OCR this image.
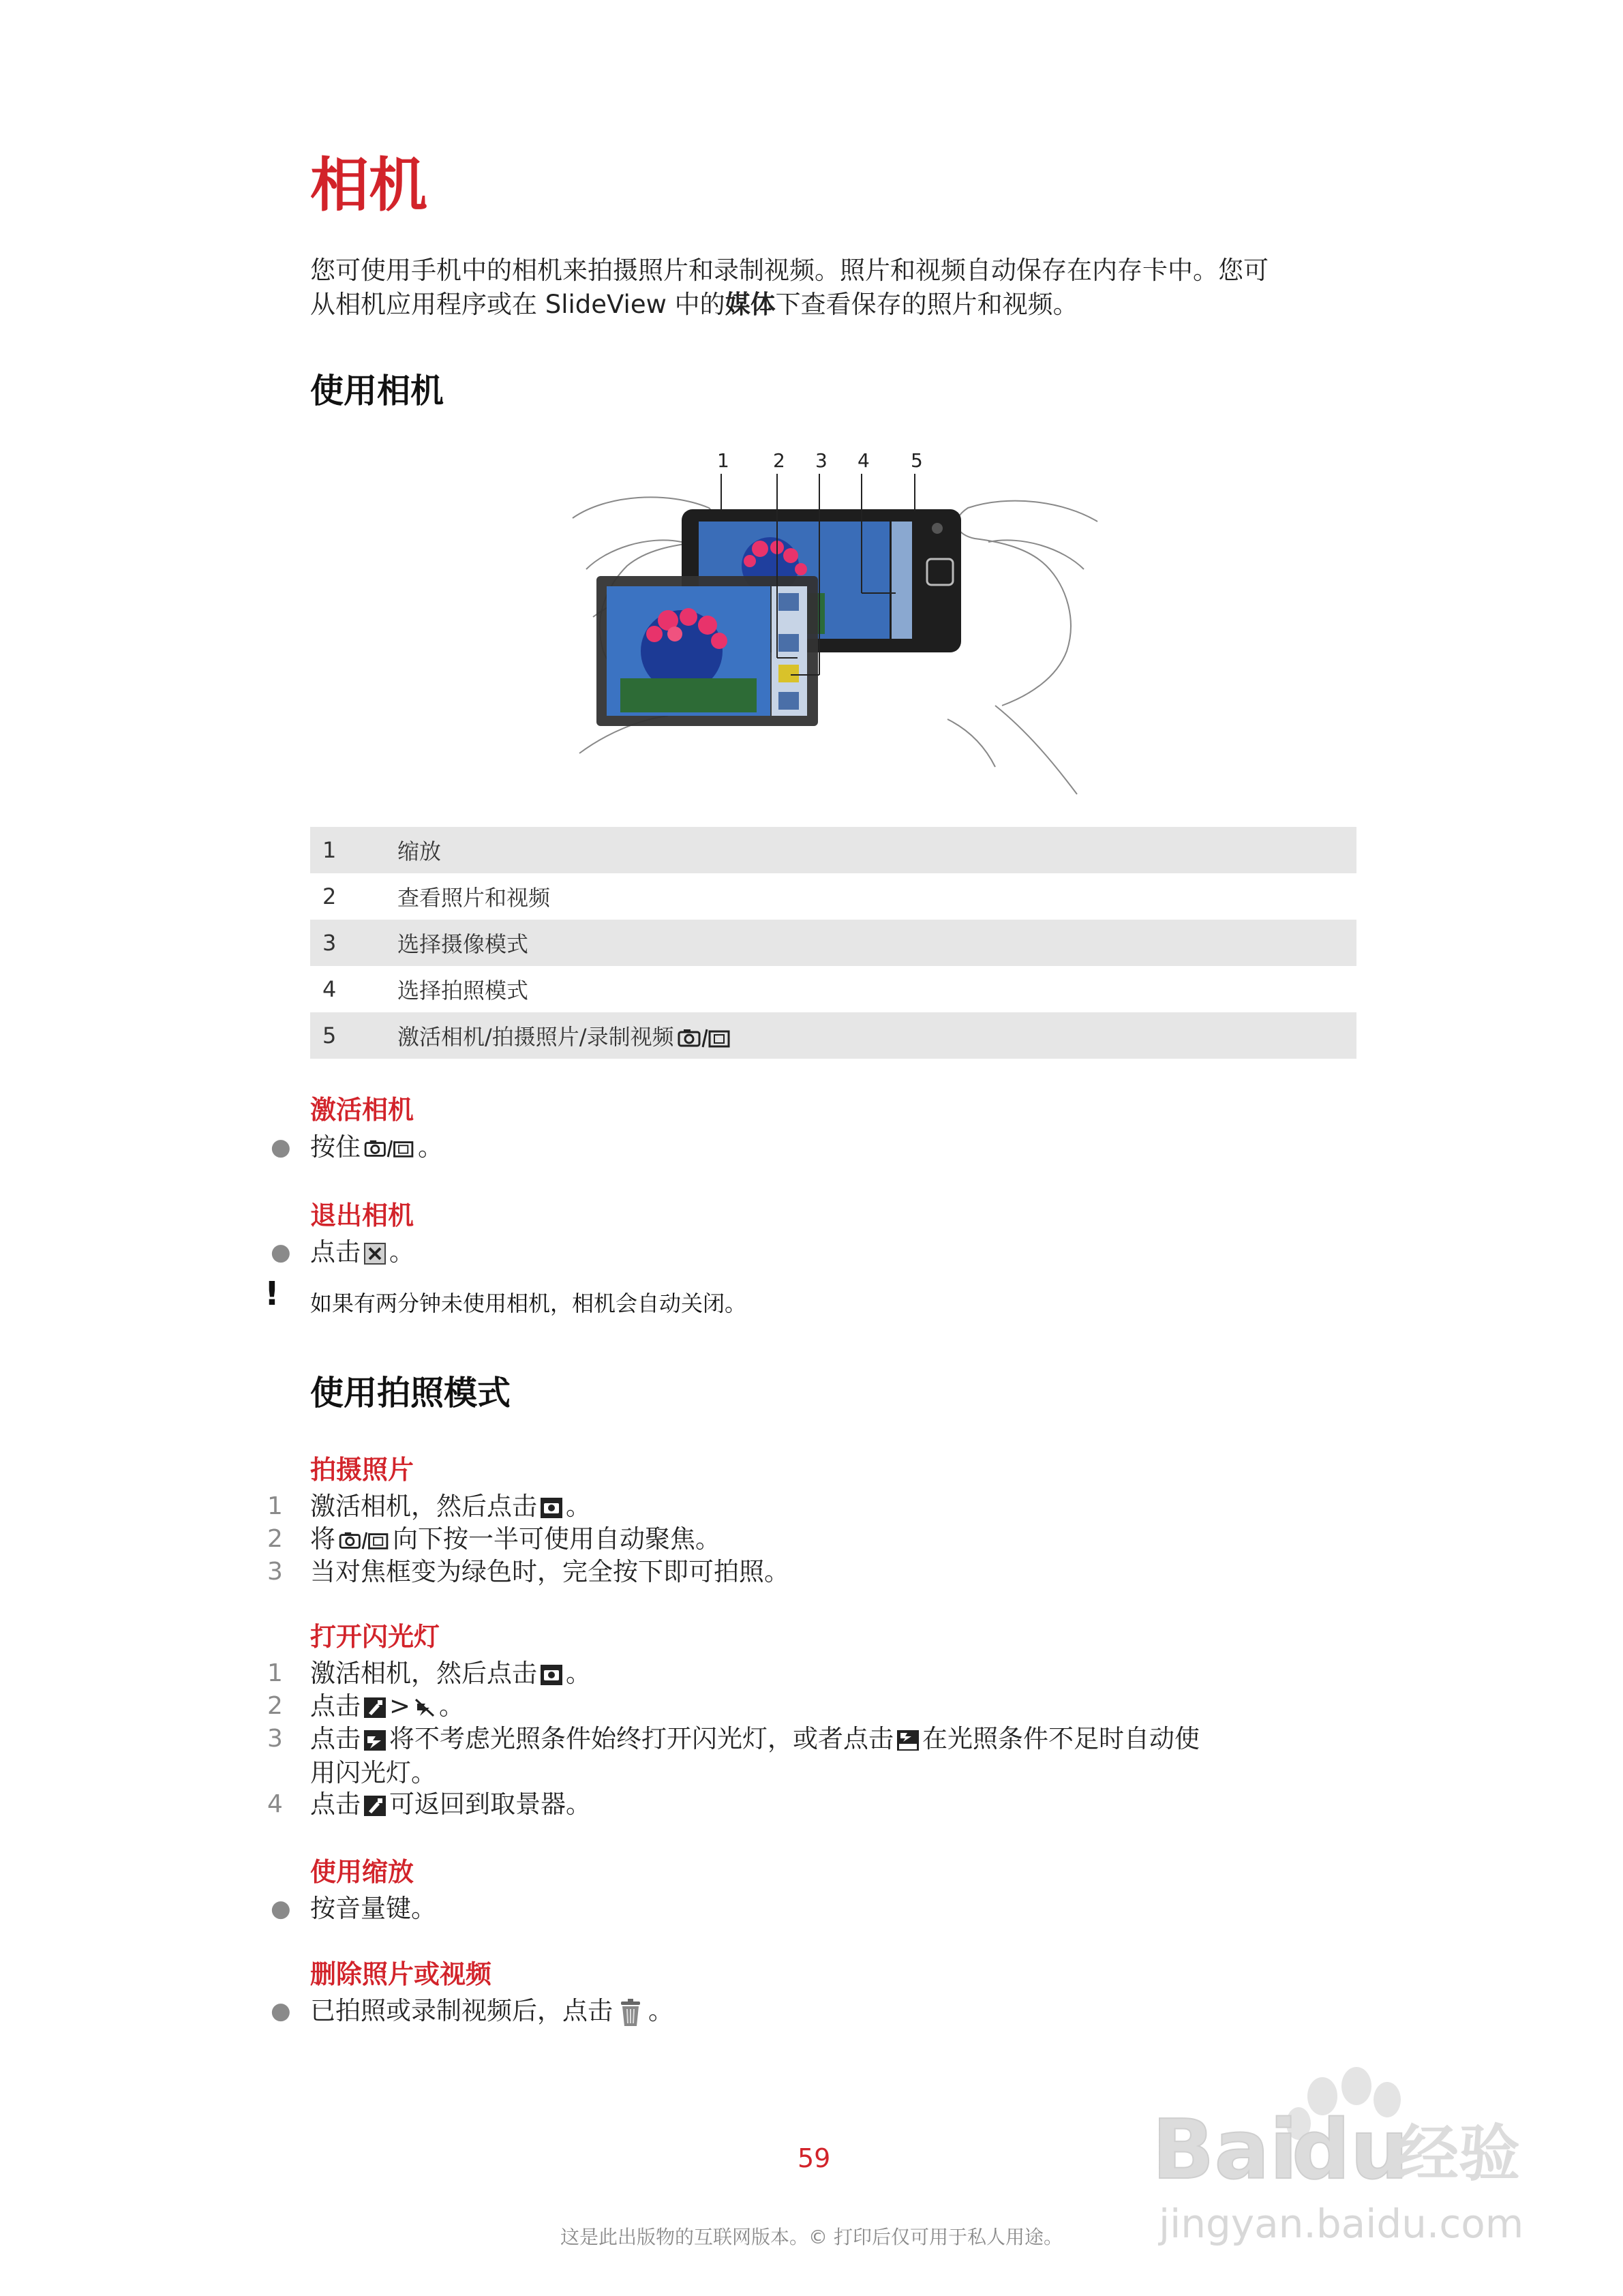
相机
您可使用手机中的相机来拍摄照片和录制视频。照片和视频自动保存在内存卡中。您可
从相机应用程序或在 SlideView 中的媒体下查看保存的照片和视频。
使用相机
1 2 3 4 5
1	缩放
2	查看照片和视频
3	选择摄像模式
4	选择拍照模式
5	激活相机/拍摄照片/录制视频
激活相机
● 按住 。
退出相机
● 点击 。
! 如果有两分钟未使用相机，相机会自动关闭。
使用拍照模式
拍摄照片
1 激活相机，然后点击 。
2 将 向下按一半可使用自动聚焦。
3 当对焦框变为绿色时，完全按下即可拍照。
打开闪光灯
1 激活相机，然后点击 。
2 点击 > 。
3 点击 将不考虑光照条件始终打开闪光灯，或者点击 在光照条件不足时自动使
用闪光灯。
4 点击 可返回到取景器。
使用缩放
● 按音量键。
删除照片或视频
● 已拍照或录制视频后，点击 。
59
这是此出版物的互联网版本。© 打印后仅可用于私人用途。
Bai
du
经验
jingyan.baidu.com
